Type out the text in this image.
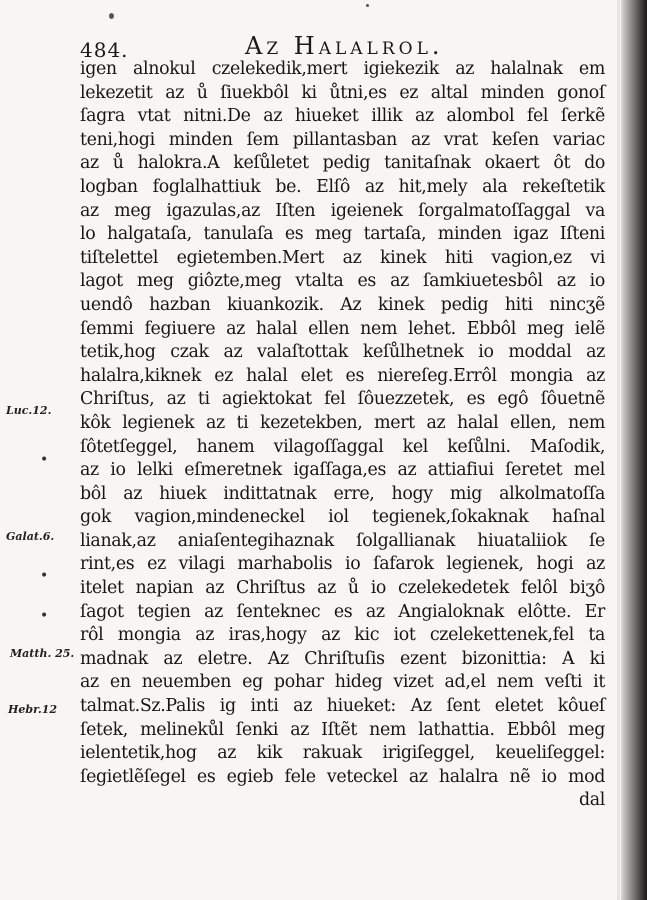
484.	Az Halalrol.
igen alnokul czelekedik,mert igiekezik az halalnak em
lekezetit az ů ſiuekbôl ki ůtni,es ez altal minden gonoſ
ſagra vtat nitni.De az hiueket illik az alombol fel ſerkẽ
teni,hogi minden ſem pillantasban az vrat keſen variac
az ů halokra.A keſůletet pedig tanitaſnak okaert ôt do
logban foglalhattiuk be. Elſô az hit,mely ala rekeſtetik
az meg igazulas,az Iſten igeienek ſorgalmatoſſaggal va
lo halgataſa, tanulaſa es meg tartaſa, minden igaz Iſteni
tiſtelettel egietemben.Mert az kinek hiti vagion,ez vi
lagot meg giôzte,meg vtalta es az ſamkiuetesbôl az io
uendô hazban kiuankozik. Az kinek pedig hiti nincʒẽ
ſemmi fegiuere az halal ellen nem lehet. Ebbôl meg ielẽ
tetik,hog czak az valaſtottak keſůlhetnek io moddal az
halalra,kiknek ez halal elet es niereſeg.Errôl mongia az
Chriſtus, az ti agiektokat fel ſôuezzetek, es egô ſôuetnẽ
kôk legienek az ti kezetekben, mert az halal ellen, nem
ſôtetſeggel, hanem vilagoſſaggal kel keſůlni. Maſodik,
az io lelki eſmeretnek igaſſaga,es az attiafiui ſeretet mel
bôl az hiuek indittatnak erre, hogy mig alkolmatoſſa
gok vagion,mindeneckel iol tegienek,ſokaknak haſnal
lianak,az aniaſentegihaznak ſolgallianak hiuataliiok ſe
rint,es ez vilagi marhabolis io ſafarok legienek, hogi az
itelet napian az Chriſtus az ů io czelekedetek felôl biʒô
ſagot tegien az ſenteknec es az Angialoknak elôtte. Er
rôl mongia az iras,hogy az kic iot czelekettenek,fel ta
madnak az eletre. Az Chriſtuſis ezent bizonittia: A ki
az en neuemben eg pohar hideg vizet ad,el nem veſti it
talmat.Sz.Palis ig inti az hiueket: Az ſent eletet kôueſ
ſetek, melinekůl ſenki az Iſtẽt nem lathattia. Ebbôl meg
ielentetik,hog az kik rakuak irigiſeggel, keueliſeggel:
ſegietlẽſegel es egieb fele veteckel az halalra nẽ io mod
dal
Luc.12.
Galat.6.
Matth. 25.
Hebr.12
•
•
•
